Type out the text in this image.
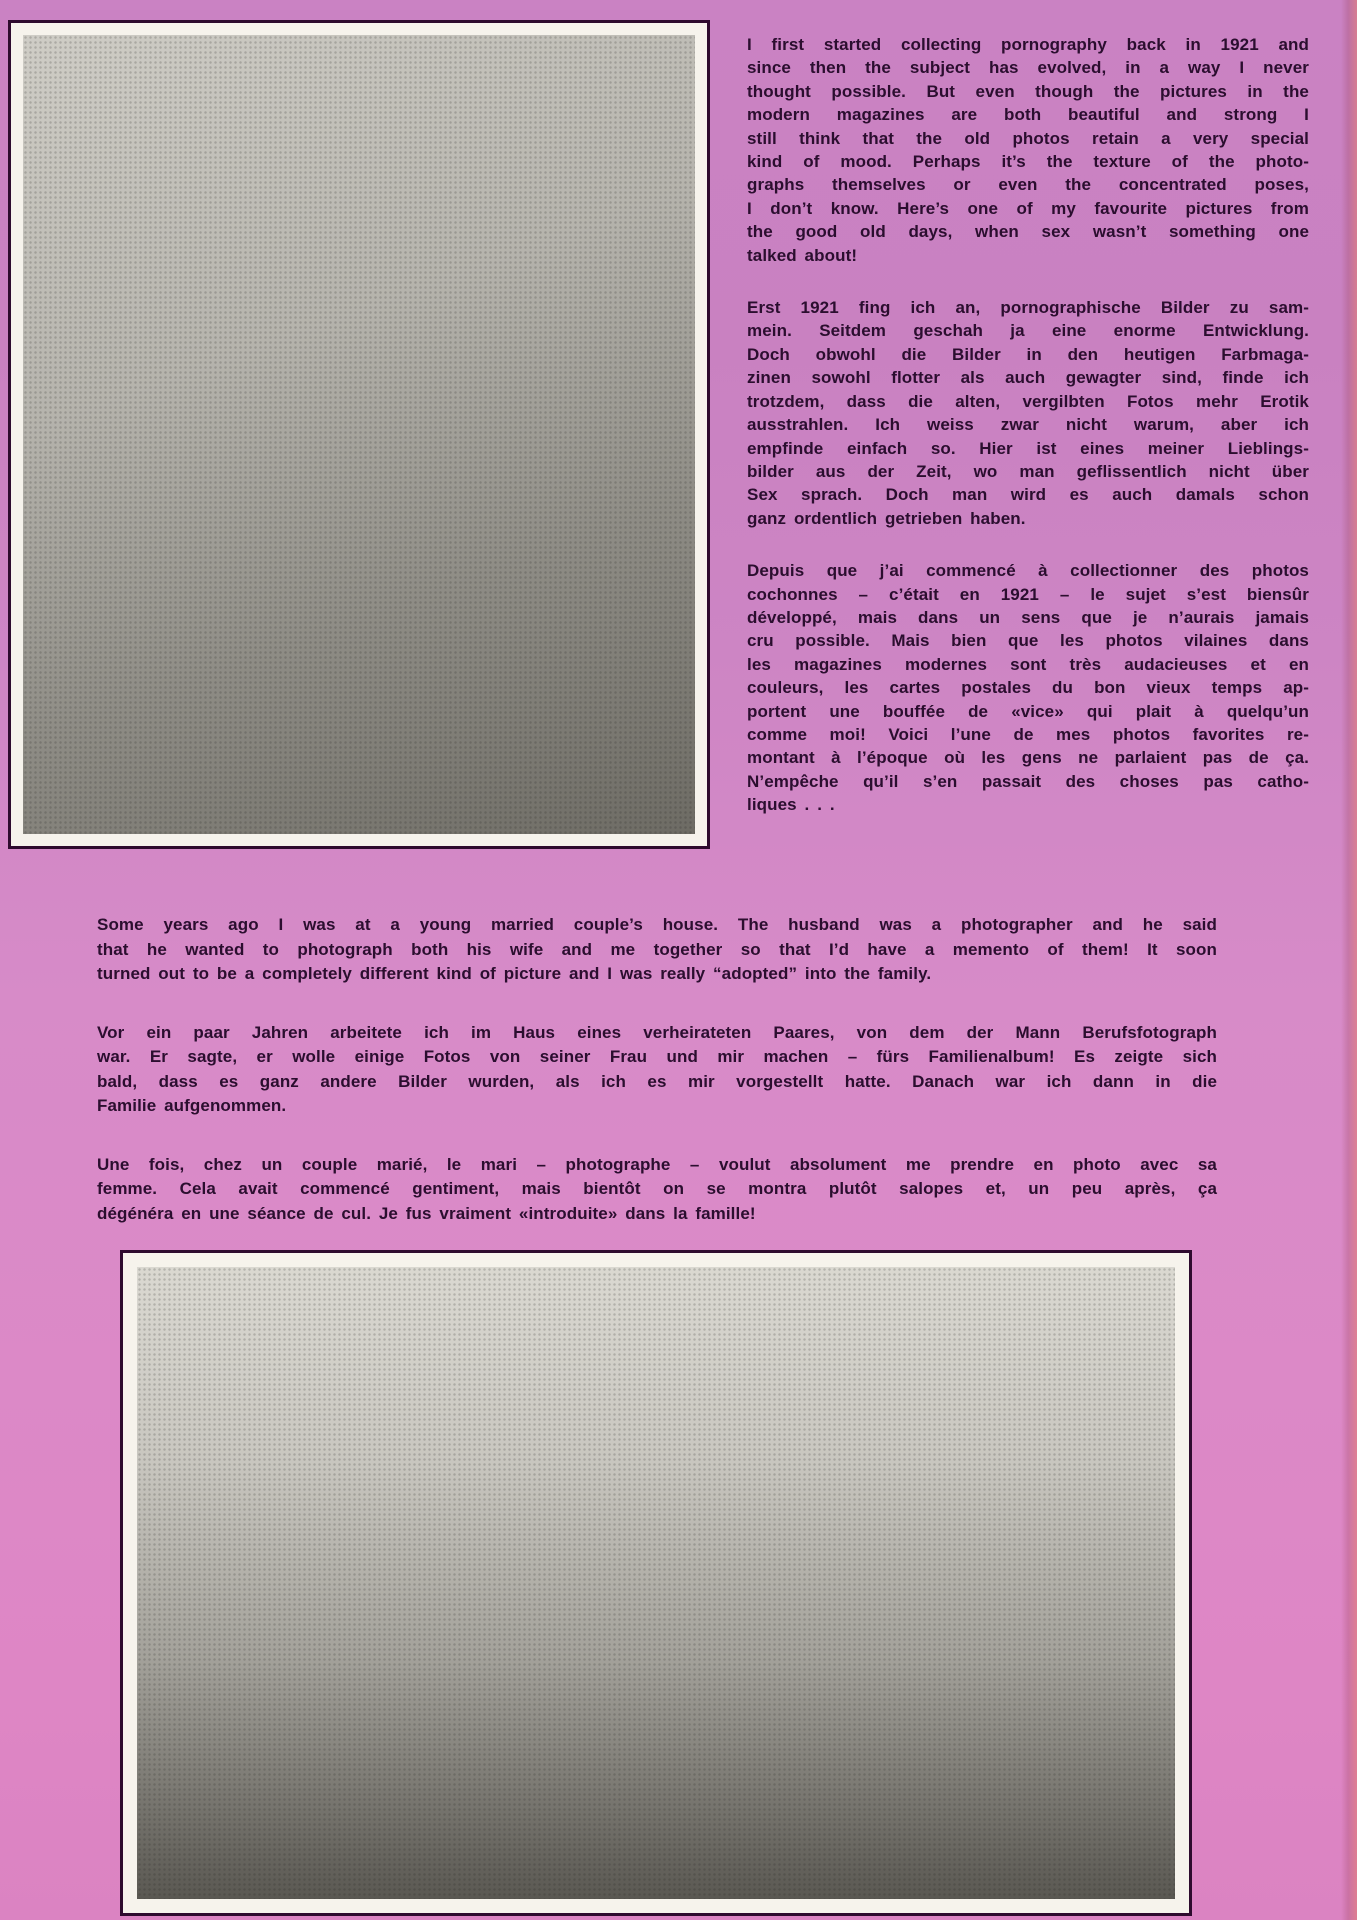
I first started collecting pornography back in 1921 and
since then the subject has evolved, in a way I never
thought possible. But even though the pictures in the
modern magazines are both beautiful and strong I
still think that the old photos retain a very special
kind of mood. Perhaps it’s the texture of the photo-
graphs themselves or even the concentrated poses,
I don’t know. Here’s one of my favourite pictures from
the good old days, when sex wasn’t something one
talked about!
Erst 1921 fing ich an, pornographische Bilder zu sam-
mein. Seitdem geschah ja eine enorme Entwicklung.
Doch obwohl die Bilder in den heutigen Farbmaga-
zinen sowohl flotter als auch gewagter sind, finde ich
trotzdem, dass die alten, vergilbten Fotos mehr Erotik
ausstrahlen. Ich weiss zwar nicht warum, aber ich
empfinde einfach so. Hier ist eines meiner Lieblings-
bilder aus der Zeit, wo man geflissentlich nicht über
Sex sprach. Doch man wird es auch damals schon
ganz ordentlich getrieben haben.
Depuis que j’ai commencé à collectionner des photos
cochonnes – c’était en 1921 – le sujet s’est biensûr
développé, mais dans un sens que je n’aurais jamais
cru possible. Mais bien que les photos vilaines dans
les magazines modernes sont très audacieuses et en
couleurs, les cartes postales du bon vieux temps ap-
portent une bouffée de «vice» qui plait à quelqu’un
comme moi! Voici l’une de mes photos favorites re-
montant à l’époque où les gens ne parlaient pas de ça.
N’empêche qu’il s’en passait des choses pas catho-
liques . . .
Some years ago I was at a young married couple’s house. The husband was a photographer and he said
that he wanted to photograph both his wife and me together so that I’d have a memento of them! It soon
turned out to be a completely different kind of picture and I was really “adopted” into the family.
Vor ein paar Jahren arbeitete ich im Haus eines verheirateten Paares, von dem der Mann Berufsfotograph
war. Er sagte, er wolle einige Fotos von seiner Frau und mir machen – fürs Familienalbum! Es zeigte sich
bald, dass es ganz andere Bilder wurden, als ich es mir vorgestellt hatte. Danach war ich dann in die
Familie aufgenommen.
Une fois, chez un couple marié, le mari – photographe – voulut absolument me prendre en photo avec sa
femme. Cela avait commencé gentiment, mais bientôt on se montra plutôt salopes et, un peu après, ça
dégénéra en une séance de cul. Je fus vraiment «introduite» dans la famille!
